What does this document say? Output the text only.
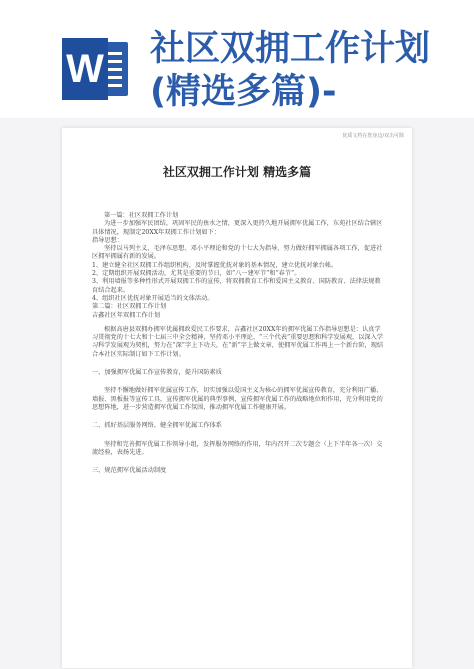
W 社区双拥工作计划
(精选多篇)-
优质文档在您身边/双击可除
社区双拥工作计划 精选多篇

第一篇：社区双拥工作计划

为进一步加强军民团结，巩固军民的鱼水之情，更深入更持久地开展拥军优属工作，东苑社区结合辖区具体情况，现制定20XX年双拥工作计划如下：

指导思想：

坚持以马列主义、毛泽东思想、邓小平理论和党的十七大为指导，努力做好拥军拥属各项工作，促进社区拥军拥属有新的发展。

1、建立健全社区双拥工作组织机构，及时掌握优抚对象的基本情况，建立优抚对象台帐。

2、定期组织开展双拥活动，尤其是重要的节日，如“八一建军节”和“春节”。

3、利用墙报等多种性形式开展双拥工作的宣传，将双拥教育工作和爱国主义教育、国防教育、法律法规教育结合起来。

4、组织社区优抚对象开展适当的文体活动。

第二篇：社区双拥工作计划

吉鑫社区年双拥工作计划

根据高唐县双拥办拥军优属拥政爱民工作要求，吉鑫社区20XX年的拥军优属工作指导思想是：认真学习贯彻党的十七大和十七届三中全会精神，坚持邓小平理论、“三个代表”重要思想和科学发展观，以深入学习科学发展观为契机，努力在“深”字上下功夫，在“新”字上做文章，使拥军优属工作再上一个新台阶，现结合本社区实际制订如下工作计划。

一、加强拥军优属工作宣传教育，提升国防素质

坚持不懈地做好拥军优属宣传工作，切实加强以爱国主义为核心的拥军优属宣传教育，充分利用广播、墙报、黑板报等宣传工具，宣传拥军优属的典型事例，宣传拥军优属工作的战略地位和作用，充分利用党的思想阵地，进一步营造拥军优属工作氛围，推动拥军优属工作健康开展。

二、抓好基层服务网络，健全拥军优属工作体系

坚持和完善拥军优属工作领导小组，发挥服务网络的作用，年内召开二次专题会（上下半年各一次）交流经验，表扬先进。

三、规范拥军优属活动制度
